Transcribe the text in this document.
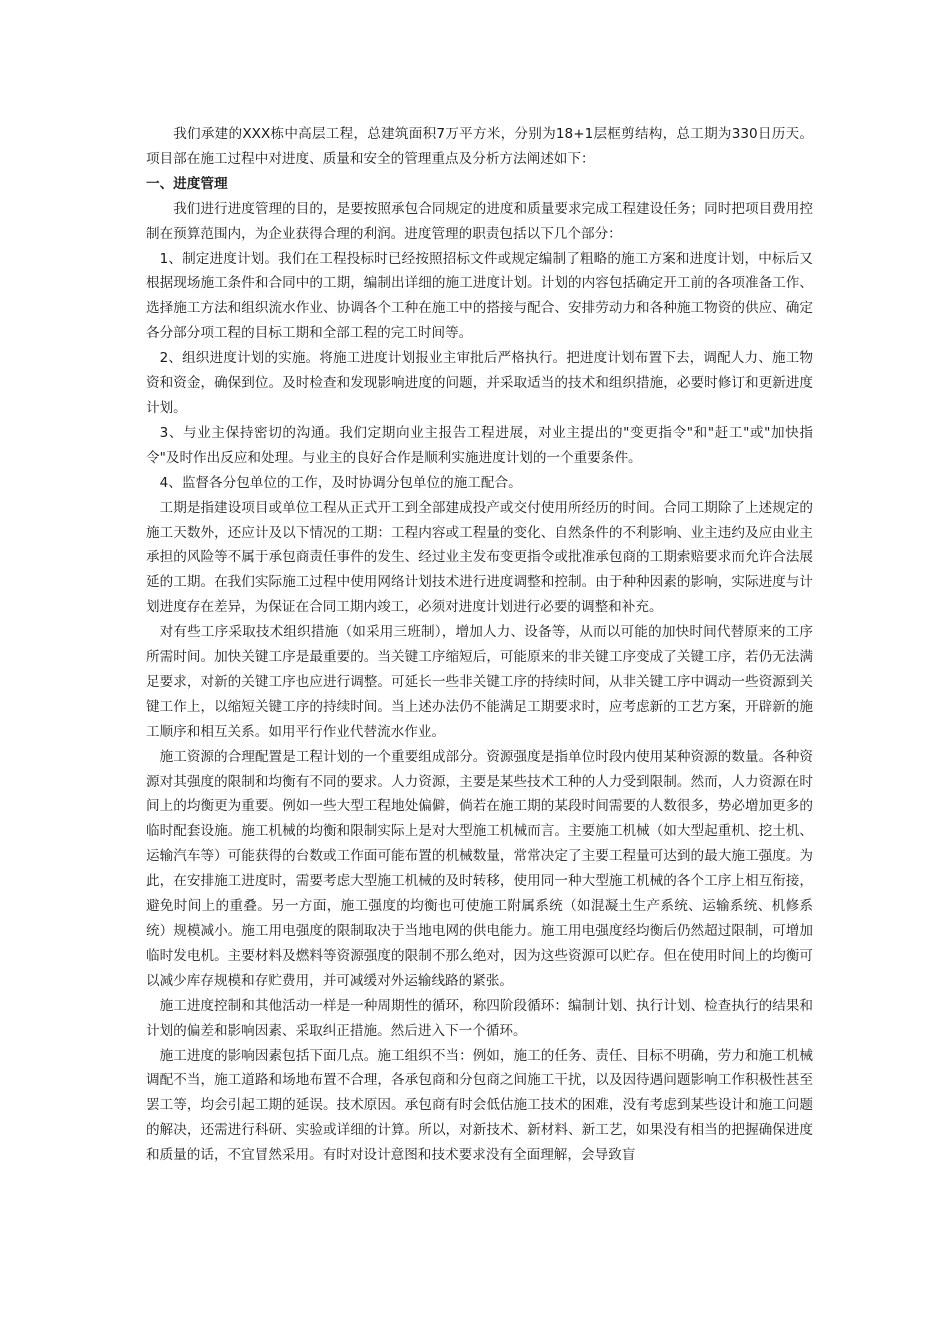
我们承建的XXX栋中高层工程，总建筑面积7万平方米，分别为18+1层框剪结构，总工期为330日历天。项目部在施工过程中对进度、质量和安全的管理重点及分析方法阐述如下：

一、进度管理

我们进行进度管理的目的，是要按照承包合同规定的进度和质量要求完成工程建设任务；同时把项目费用控制在预算范围内，为企业获得合理的利润。进度管理的职责包括以下几个部分：

1、制定进度计划。我们在工程投标时已经按照招标文件或规定编制了粗略的施工方案和进度计划，中标后又根据现场施工条件和合同中的工期，编制出详细的施工进度计划。计划的内容包括确定开工前的各项准备工作、选择施工方法和组织流水作业、协调各个工种在施工中的搭接与配合、安排劳动力和各种施工物资的供应、确定各分部分项工程的目标工期和全部工程的完工时间等。

2、组织进度计划的实施。将施工进度计划报业主审批后严格执行。把进度计划布置下去，调配人力、施工物资和资金，确保到位。及时检查和发现影响进度的问题，并采取适当的技术和组织措施，必要时修订和更新进度计划。

3、与业主保持密切的沟通。我们定期向业主报告工程进展，对业主提出的"变更指令"和"赶工"或"加快指令"及时作出反应和处理。与业主的良好合作是顺利实施进度计划的一个重要条件。

4、监督各分包单位的工作，及时协调分包单位的施工配合。

工期是指建设项目或单位工程从正式开工到全部建成投产或交付使用所经历的时间。合同工期除了上述规定的施工天数外，还应计及以下情况的工期：工程内容或工程量的变化、自然条件的不利影响、业主违约及应由业主承担的风险等不属于承包商责任事件的发生、经过业主发布变更指令或批准承包商的工期索赔要求而允许合法展延的工期。在我们实际施工过程中使用网络计划技术进行进度调整和控制。由于种种因素的影响，实际进度与计划进度存在差异，为保证在合同工期内竣工，必须对进度计划进行必要的调整和补充。

对有些工序采取技术组织措施（如采用三班制），增加人力、设备等，从而以可能的加快时间代替原来的工序所需时间。加快关键工序是最重要的。当关键工序缩短后，可能原来的非关键工序变成了关键工序，若仍无法满足要求，对新的关键工序也应进行调整。可延长一些非关键工序的持续时间，从非关键工序中调动一些资源到关键工作上，以缩短关键工序的持续时间。当上述办法仍不能满足工期要求时，应考虑新的工艺方案，开辟新的施工顺序和相互关系。如用平行作业代替流水作业。

施工资源的合理配置是工程计划的一个重要组成部分。资源强度是指单位时段内使用某种资源的数量。各种资源对其强度的限制和均衡有不同的要求。人力资源，主要是某些技术工种的人力受到限制。然而，人力资源在时间上的均衡更为重要。例如一些大型工程地处偏僻，倘若在施工期的某段时间需要的人数很多，势必增加更多的临时配套设施。施工机械的均衡和限制实际上是对大型施工机械而言。主要施工机械（如大型起重机、挖土机、运输汽车等）可能获得的台数或工作面可能布置的机械数量，常常决定了主要工程量可达到的最大施工强度。为此，在安排施工进度时，需要考虑大型施工机械的及时转移，使用同一种大型施工机械的各个工序上相互衔接，避免时间上的重叠。另一方面，施工强度的均衡也可使施工附属系统（如混凝土生产系统、运输系统、机修系统）规模减小。施工用电强度的限制取决于当地电网的供电能力。施工用电强度经均衡后仍然超过限制，可增加临时发电机。主要材料及燃料等资源强度的限制不那么绝对，因为这些资源可以贮存。但在使用时间上的均衡可以减少库存规模和存贮费用，并可减缓对外运输线路的紧张。

施工进度控制和其他活动一样是一种周期性的循环，称四阶段循环：编制计划、执行计划、检查执行的结果和计划的偏差和影响因素、采取纠正措施。然后进入下一个循环。

施工进度的影响因素包括下面几点。施工组织不当：例如，施工的任务、责任、目标不明确，劳力和施工机械调配不当，施工道路和场地布置不合理，各承包商和分包商之间施工干扰，以及因待遇问题影响工作积极性甚至罢工等，均会引起工期的延误。技术原因。承包商有时会低估施工技术的困难，没有考虑到某些设计和施工问题的解决，还需进行科研、实验或详细的计算。所以，对新技术、新材料、新工艺，如果没有相当的把握确保进度和质量的话，不宜冒然采用。有时对设计意图和技术要求没有全面理解，会导致盲
